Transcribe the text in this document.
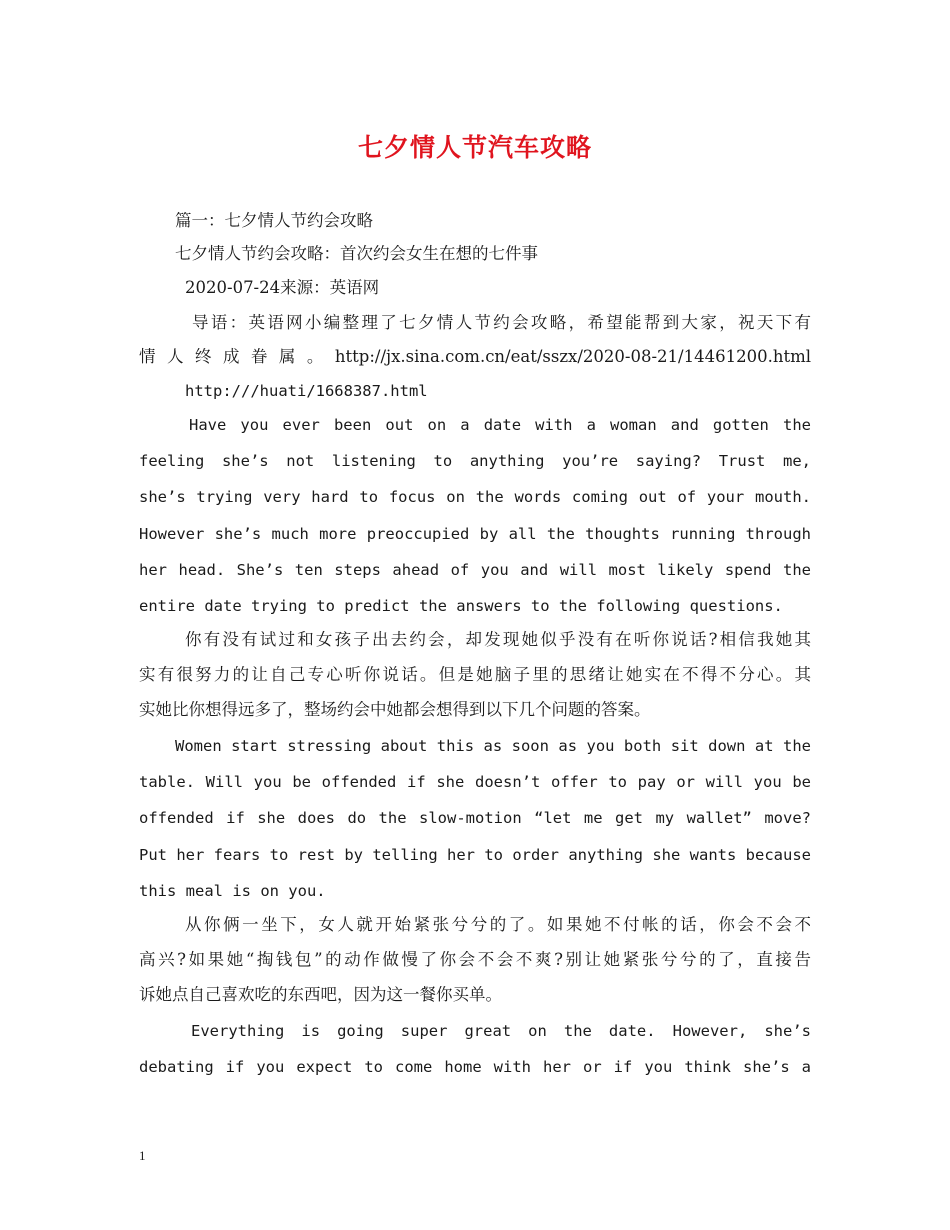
七夕情人节汽车攻略
篇一：七夕情人节约会攻略
七夕情人节约会攻略：首次约会女生在想的七件事
2020-07-24来源：英语网
导语：英语网小编整理了七夕情人节约会攻略，希望能帮到大家，祝天下有
情人终成眷属。http://jx.sina.com.cn/eat/sszx/2020-08-21/14461200.html
http:///huati/1668387.html
Have you ever been out on a date with a woman and gotten the
feeling she’s not listening to anything you’re saying? Trust me,
she’s trying very hard to focus on the words coming out of your mouth.
However she’s much more preoccupied by all the thoughts running through
her head. She’s ten steps ahead of you and will most likely spend the
entire date trying to predict the answers to the following questions.
你有没有试过和女孩子出去约会，却发现她似乎没有在听你说话?相信我她其
实有很努力的让自己专心听你说话。但是她脑子里的思绪让她实在不得不分心。其
实她比你想得远多了，整场约会中她都会想得到以下几个问题的答案。
Women start stressing about this as soon as you both sit down at the
table. Will you be offended if she doesn’t offer to pay or will you be
offended if she does do the slow-motion “let me get my wallet” move?
Put her fears to rest by telling her to order anything she wants because
this meal is on you.
从你俩一坐下，女人就开始紧张兮兮的了。如果她不付帐的话，你会不会不
高兴?如果她“掏钱包”的动作做慢了你会不会不爽?别让她紧张兮兮的了，直接告
诉她点自己喜欢吃的东西吧，因为这一餐你买单。
Everything is going super great on the date. However, she’s
debating if you expect to come home with her or if you think she’s a
1
